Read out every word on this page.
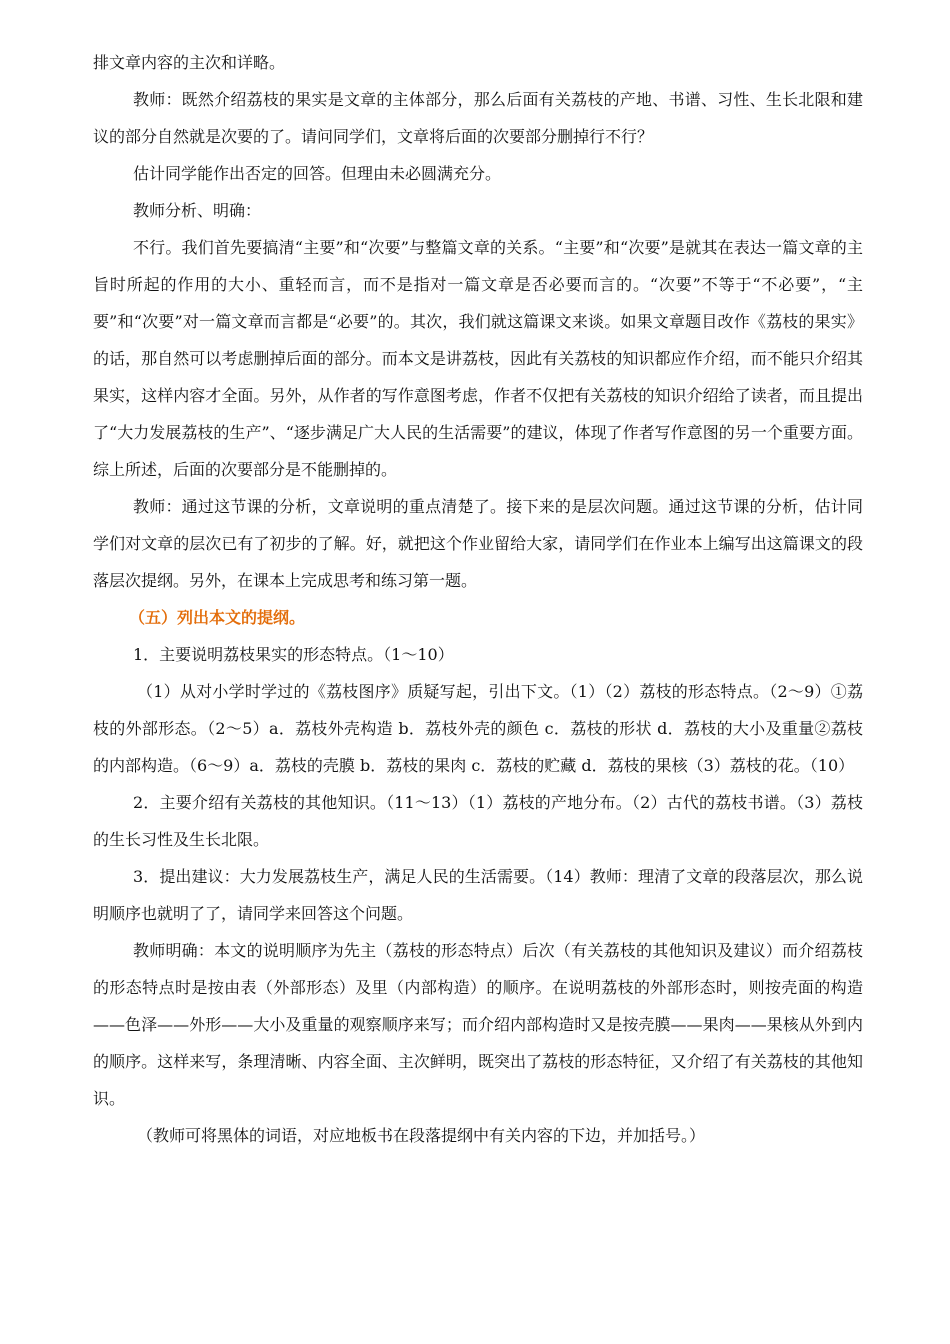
排文章内容的主次和详略。

教师：既然介绍荔枝的果实是文章的主体部分，那么后面有关荔枝的产地、书谱、习性、生长北限和建议的部分自然就是次要的了。请问同学们，文章将后面的次要部分删掉行不行？

估计同学能作出否定的回答。但理由未必圆满充分。

教师分析、明确：

不行。我们首先要搞清“主要”和“次要”与整篇文章的关系。“主要”和“次要”是就其在表达一篇文章的主旨时所起的作用的大小、重轻而言，而不是指对一篇文章是否必要而言的。“次要”不等于“不必要”，“主要”和“次要”对一篇文章而言都是“必要”的。其次，我们就这篇课文来谈。如果文章题目改作《荔枝的果实》的话，那自然可以考虑删掉后面的部分。而本文是讲荔枝，因此有关荔枝的知识都应作介绍，而不能只介绍其果实，这样内容才全面。另外，从作者的写作意图考虑，作者不仅把有关荔枝的知识介绍给了读者，而且提出了“大力发展荔枝的生产”、“逐步满足广大人民的生活需要”的建议，体现了作者写作意图的另一个重要方面。综上所述，后面的次要部分是不能删掉的。

教师：通过这节课的分析，文章说明的重点清楚了。接下来的是层次问题。通过这节课的分析，估计同学们对文章的层次已有了初步的了解。好，就把这个作业留给大家，请同学们在作业本上编写出这篇课文的段落层次提纲。另外，在课本上完成思考和练习第一题。

（五）列出本文的提纲。

1．主要说明荔枝果实的形态特点。（1～10）

（1）从对小学时学过的《荔枝图序》质疑写起，引出下文。（1）（2）荔枝的形态特点。（2～9）①荔枝的外部形态。（2～5）a．荔枝外壳构造 b．荔枝外壳的颜色 c．荔枝的形状 d．荔枝的大小及重量②荔枝的内部构造。（6～9）a．荔枝的壳膜 b．荔枝的果肉 c．荔枝的贮藏 d．荔枝的果核（3）荔枝的花。（10）

2．主要介绍有关荔枝的其他知识。（11～13）（1）荔枝的产地分布。（2）古代的荔枝书谱。（3）荔枝的生长习性及生长北限。

3．提出建议：大力发展荔枝生产，满足人民的生活需要。（14）教师：理清了文章的段落层次，那么说明顺序也就明了了，请同学来回答这个问题。

教师明确：本文的说明顺序为先主（荔枝的形态特点）后次（有关荔枝的其他知识及建议）而介绍荔枝的形态特点时是按由表（外部形态）及里（内部构造）的顺序。在说明荔枝的外部形态时，则按壳面的构造——色泽——外形——大小及重量的观察顺序来写；而介绍内部构造时又是按壳膜——果肉——果核从外到内的顺序。这样来写，条理清晰、内容全面、主次鲜明，既突出了荔枝的形态特征，又介绍了有关荔枝的其他知识。

（教师可将黑体的词语，对应地板书在段落提纲中有关内容的下边，并加括号。）
